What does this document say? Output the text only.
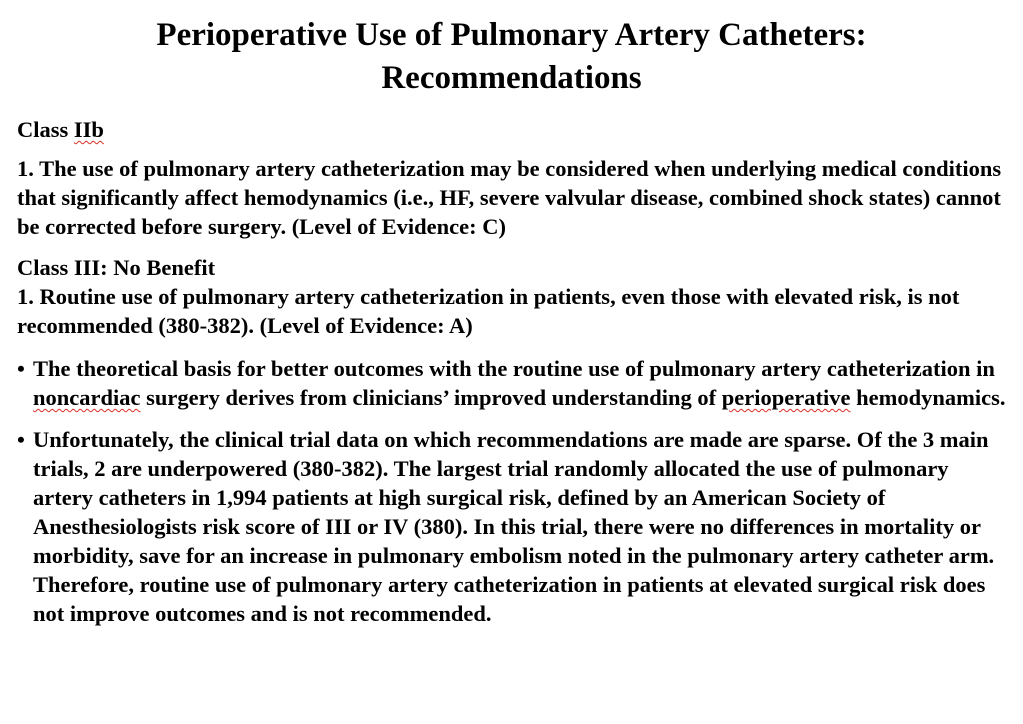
Perioperative Use of Pulmonary Artery Catheters:
Recommendations

Class IIb

1. The use of pulmonary artery catheterization may be considered when underlying medical conditions that significantly affect hemodynamics (i.e., HF, severe valvular disease, combined shock states) cannot be corrected before surgery. (Level of Evidence: C)

Class III: No Benefit

1. Routine use of pulmonary artery catheterization in patients, even those with elevated risk, is not recommended (380-382). (Level of Evidence: A)

• The theoretical basis for better outcomes with the routine use of pulmonary artery catheterization in noncardiac surgery derives from clinicians’ improved understanding of perioperative hemodynamics.
• Unfortunately, the clinical trial data on which recommendations are made are sparse. Of the 3 main trials, 2 are underpowered (380-382). The largest trial randomly allocated the use of pulmonary artery catheters in 1,994 patients at high surgical risk, defined by an American Society of Anesthesiologists risk score of III or IV (380). In this trial, there were no differences in mortality or morbidity, save for an increase in pulmonary embolism noted in the pulmonary artery catheter arm. Therefore, routine use of pulmonary artery catheterization in patients at elevated surgical risk does not improve outcomes and is not recommended.
